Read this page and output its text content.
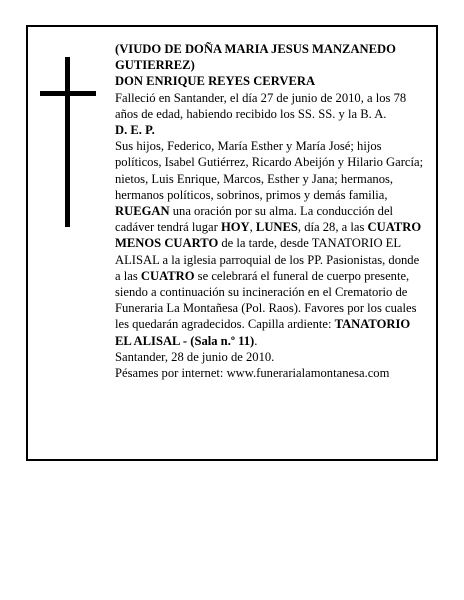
(VIUDO DE DOÑA MARIA JESUS MANZANEDO GUTIERREZ)

DON ENRIQUE REYES CERVERA

Falleció en Santander, el día 27 de junio de 2010, a los 78 años de edad, habiendo recibido los SS. SS. y la B. A.

D. E. P.

Sus hijos, Federico, María Esther y María José; hijos políticos, Isabel Gutiérrez, Ricardo Abeijón y Hilario García; nietos, Luis Enrique, Marcos, Esther y Jana; hermanos, hermanos políticos, sobrinos, primos y demás familia,

RUEGAN una oración por su alma. La conducción del cadáver tendrá lugar HOY, LUNES, día 28, a las CUATRO MENOS CUARTO de la tarde, desde TANATORIO EL ALISAL a la iglesia parroquial de los PP. Pasionistas, donde a las CUATRO se celebrará el funeral de cuerpo presente, siendo a continuación su incineración en el Crematorio de Funeraria La Montañesa (Pol. Raos). Favores por los cuales les quedarán agradecidos. Capilla ardiente: TANATORIO EL ALISAL - (Sala n.º 11).

Santander, 28 de junio de 2010.

Pésames por internet: www.funerarialamontanesa.com
